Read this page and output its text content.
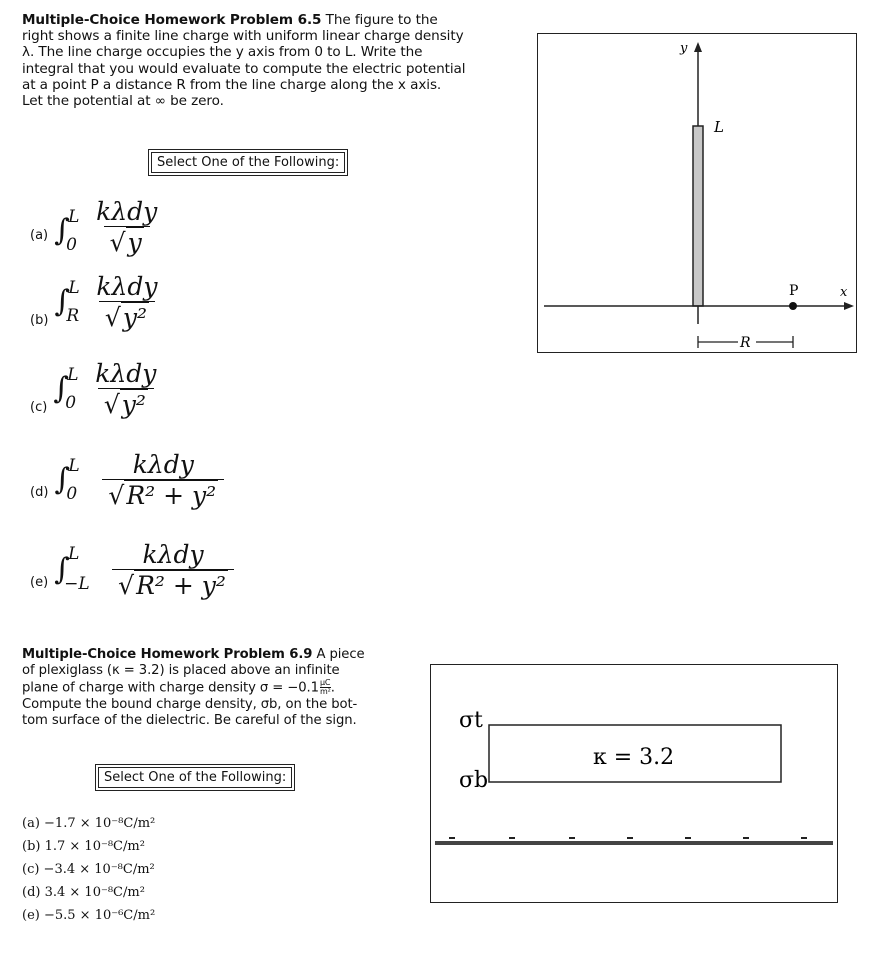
Multiple-Choice Homework Problem 6.5 The figure to the
right shows a finite line charge with uniform linear charge density
λ. The line charge occupies the y axis from 0 to L. Write the
integral that you would evaluate to compute the electric potential
at a point P a distance R from the line charge along the x axis.
Let the potential at ∞ be zero.
Select One of the Following:
(a) ∫
L
0
kλdy
√ y
(b)
∫
L
R
kλdy
√ y²
(c)
∫
L
0
kλdy
√ y²
(d) ∫
L
0
kλdy
√ R² + y²
(e) ∫
L
−L
kλdy
√ R² + y²
y
L
x
P
R
Multiple-Choice Homework Problem 6.9 A piece
of plexiglass (κ = 3.2) is placed above an infinite
plane of charge with charge density $\sigma = -0.1 \frac{\mu C}{\text{m²}}$ .
Compute the bound charge density, σb, on the bot-
tom surface of the dielectric. Be careful of the sign.
Select One of the Following:
(a) −1.7 × 10⁻⁸C/m²
(b) 1.7 × 10⁻⁸C/m²
(c) −3.4 × 10⁻⁸C/m²
(d) 3.4 × 10⁻⁸C/m²
(e) −5.5 × 10⁻⁶C/m²
σt
κ = 3.2
σb
